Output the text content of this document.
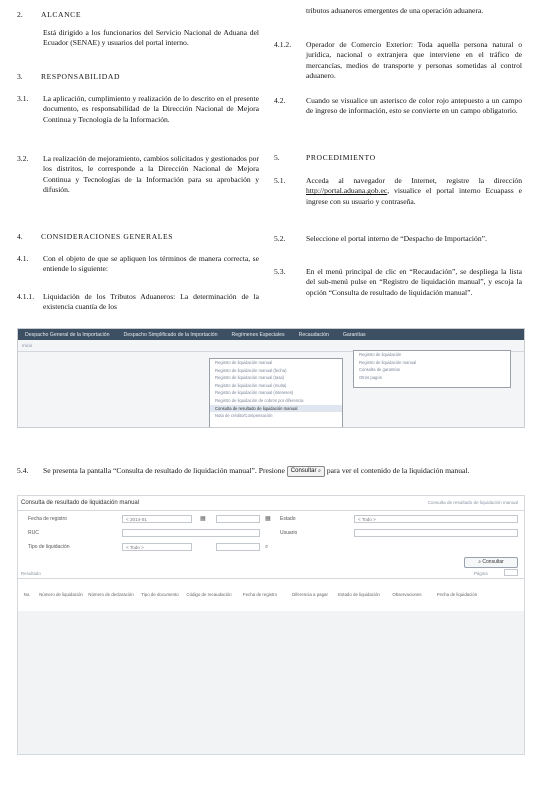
2. ALCANCE
Está dirigido a los funcionarios del Servicio Nacional de Aduana del Ecuador (SENAE) y usuarios del portal interno.
3. RESPONSABILIDAD
3.1. La aplicación, cumplimiento y realización de lo descrito en el presente documento, es responsabilidad de la Dirección Nacional de Mejora Continua y Tecnología de la Información.
3.2. La realización de mejoramiento, cambios solicitados y gestionados por los distritos, le corresponde a la Dirección Nacional de Mejora Continua y Tecnologías de la Información para su aprobación y difusión.
4. CONSIDERACIONES GENERALES
4.1. Con el objeto de que se apliquen los términos de manera correcta, se entiende lo siguiente:
4.1.1. Liquidación de los Tributos Aduaneros: La determinación de la existencia cuantía de los
tributos aduaneros emergentes de una operación aduanera.
4.1.2. Operador de Comercio Exterior: Toda aquella persona natural o jurídica, nacional o extranjera que interviene en el tráfico de mercancías, medios de transporte y personas sometidas al control aduanero.
4.2.	Cuando se visualice un asterisco de color rojo antepuesto a un campo de ingreso de información, esto se convierte en un campo obligatorio.
5.	PROCEDIMIENTO
5.1.	Acceda al navegador de Internet, registre la dirección http://portal.aduana.gob.ec, visualice el portal interno Ecuapass e ingrese con su usuario y contraseña.
5.2.	Seleccione el portal interno de “Despacho de Importación”.
5.3.	En el menú principal de clic en “Recaudación”, se despliega la lista del sub-menú pulse en “Registro de liquidación manual”, y escoja la opción “Consulta de resultado de liquidación manual”.
Despacho General de la Importación	Despacho Simplificado de la Importación	Regímenes Especiales	Recaudación	Garantías
Inicio
Registro de liquidación manual
Registro de liquidación manual (fecha)
Registro de liquidación manual (tasa)
Registro de liquidación manual (multa)
Registro de liquidación manual (intereses)
Registro de liquidación de cobros por diferencia
Consulta de resultado de liquidación manual
Nota de crédito/Compensación
Registro de liquidación
Registro de liquidación manual
Consulta de garantías
Otros pagos
5.4. Se presenta la pantalla “Consulta de resultado de liquidación manual”. Presione Consultar ⌕ para ver el contenido de la liquidación manual.
Consulta de resultado de liquidación manual	Consulta de resultado de liquidación manual
Fecha de registro	< 2014-01	▦	▦ Estado	< Todo >
RUC	Usuario
Tipo de liquidación	< Todo >	⌕
⌕ Consultar
Resultado	Página
No.	Número de liquidación	Número de declaración	Tipo de documento	Código de recaudación	Fecha de registro	Diferencia a pagar	Estado de liquidación	Observaciones	Fecha de liquidación
